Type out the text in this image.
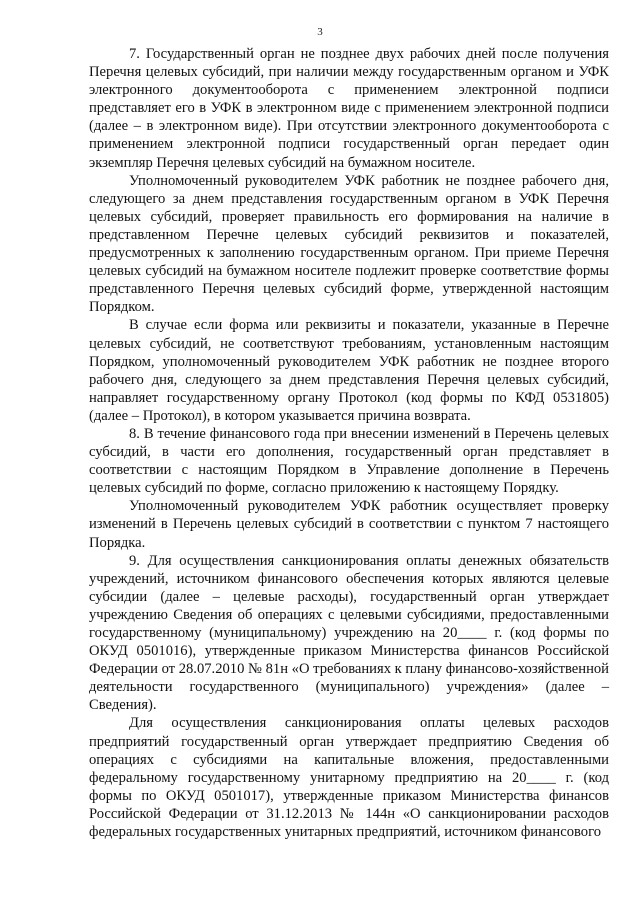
3

7. Государственный орган не позднее двух рабочих дней после получения Перечня целевых субсидий, при наличии между государственным органом и УФК электронного документооборота с применением электронной подписи представляет его в УФК в электронном виде с применением электронной подписи (далее – в электронном виде). При отсутствии электронного документооборота с применением электронной подписи государственный орган передает один экземпляр Перечня целевых субсидий на бумажном носителе.

Уполномоченный руководителем УФК работник не позднее рабочего дня, следующего за днем представления государственным органом в УФК Перечня целевых субсидий, проверяет правильность его формирования на наличие в представленном Перечне целевых субсидий реквизитов и показателей, предусмотренных к заполнению государственным органом. При приеме Перечня целевых субсидий на бумажном носителе подлежит проверке соответствие формы представленного Перечня целевых субсидий форме, утвержденной настоящим Порядком.

В случае если форма или реквизиты и показатели, указанные в Перечне целевых субсидий, не соответствуют требованиям, установленным настоящим Порядком, уполномоченный руководителем УФК работник не позднее второго рабочего дня, следующего за днем представления Перечня целевых субсидий, направляет государственному органу Протокол (код формы по КФД 0531805) (далее – Протокол), в котором указывается причина возврата.

8. В течение финансового года при внесении изменений в Перечень целевых субсидий, в части его дополнения, государственный орган представляет в соответствии с настоящим Порядком в Управление дополнение в Перечень целевых субсидий по форме, согласно приложению к настоящему Порядку.

Уполномоченный руководителем УФК работник осуществляет проверку изменений в Перечень целевых субсидий в соответствии с пунктом 7 настоящего Порядка.

9. Для осуществления санкционирования оплаты денежных обязательств учреждений, источником финансового обеспечения которых являются целевые субсидии (далее – целевые расходы), государственный орган утверждает учреждению Сведения об операциях с целевыми субсидиями, предоставленными государственному (муниципальному) учреждению на 20____ г. (код формы по ОКУД 0501016), утвержденные приказом Министерства финансов Российской Федерации от 28.07.2010 № 81н «О требованиях к плану финансово-хозяйственной деятельности государственного (муниципального) учреждения» (далее – Сведения).

Для осуществления санкционирования оплаты целевых расходов предприятий государственный орган утверждает предприятию Сведения об операциях с субсидиями на капитальные вложения, предоставленными федеральному государственному унитарному предприятию на 20____ г. (код формы по ОКУД 0501017), утвержденные приказом Министерства финансов Российской Федерации от 31.12.2013 № 144н «О санкционировании расходов федеральных государственных унитарных предприятий, источником финансового
